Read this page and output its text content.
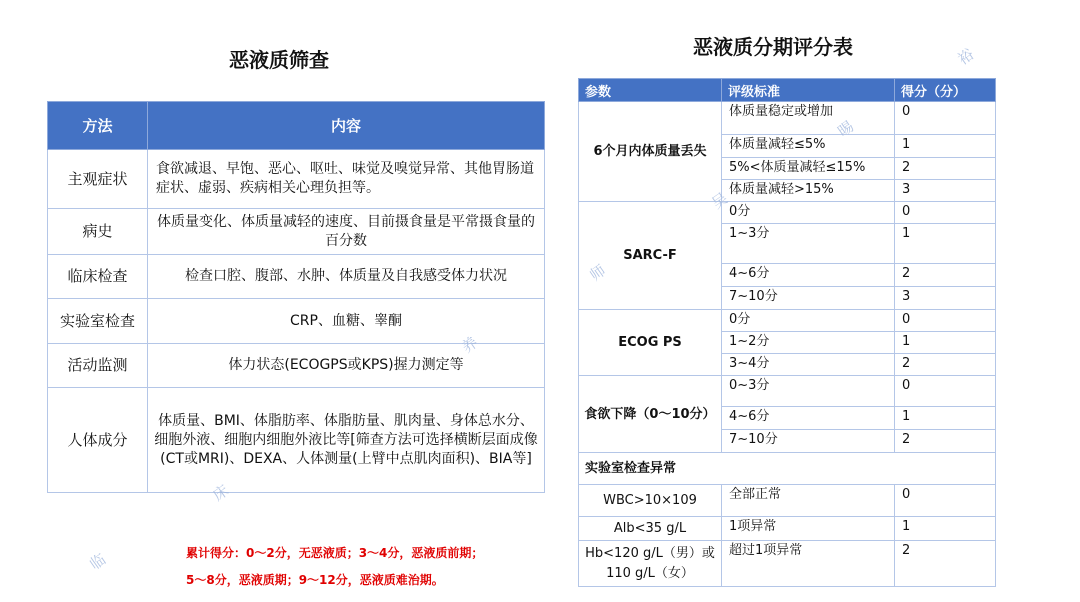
恶液质筛查
恶液质分期评分表
方法	内容
主观症状	食欲减退、早饱、恶心、呕吐、味觉及嗅觉异常、其他胃肠道症状、虚弱、疾病相关心理负担等。
病史	体质量变化、体质量减轻的速度、目前摄食量是平常摄食量的百分数
临床检查	检查口腔、腹部、水肿、体质量及自我感受体力状况
实验室检查	CRP、血糖、睾酮
活动监测	体力状态(ECOGPS或KPS)握力测定等
人体成分	体质量、BMI、体脂肪率、体脂肪量、肌肉量、身体总水分、细胞外液、细胞内细胞外液比等[筛查方法可选择横断层面成像(CT或MRI)、DEXA、人体测量(上臂中点肌肉面积)、BIA等]
参数	评级标准	得分（分）
6个月内体质量丢失	体质量稳定或增加	0
	体质量减轻≤5%	1
	5%<体质量减轻≤15%	2
	体质量减轻>15%	3
SARC-F	0分	0
	1~3分	1
	4~6分	2
	7~10分	3
ECOG PS	0分	0
	1~2分	1
	3~4分	2
食欲下降（0～10分）	0~3分	0
	4~6分	1
	7~10分	2
实验室检查异常		
WBC>10×109	全部正常	0
Alb<35 g/L	1项异常	1
Hb<120 g/L（男）或110 g/L（女）	超过1项异常	2
累计得分：0～2分，无恶液质；3～4分，恶液质前期；
5～8分，恶液质期；9～12分，恶液质难治期。
裕
晹
吴
师
养
床
临
